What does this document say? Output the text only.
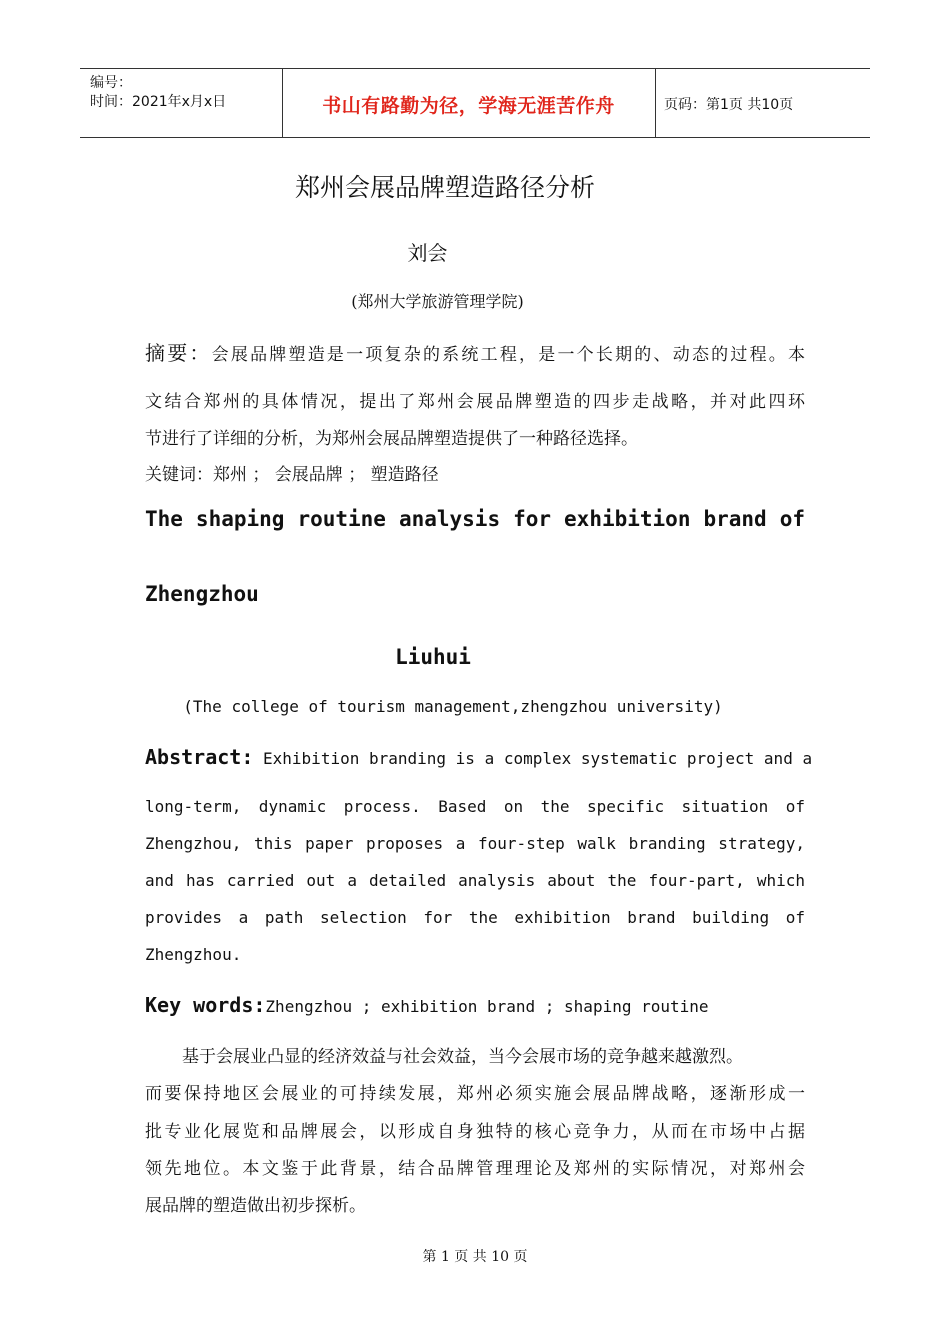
编号：
时间：2021年x月x日	书山有路勤为径，学海无涯苦作舟	页码：第1页 共10页
郑州会展品牌塑造路径分析
刘会
(郑州大学旅游管理学院)
摘要：会展品牌塑造是一项复杂的系统工程，是一个长期的、动态的过程。本
文结合郑州的具体情况，提出了郑州会展品牌塑造的四步走战略，并对此四环
节进行了详细的分析，为郑州会展品牌塑造提供了一种路径选择。
关键词：郑州 ； 会展品牌 ； 塑造路径
The shaping routine analysis for exhibition brand of
Zhengzhou
Liuhui
(The college of tourism management,zhengzhou university)
Abstract: Exhibition branding is a complex systematic project and a
long-term, dynamic process. Based on the specific situation of
Zhengzhou, this paper proposes a four-step walk branding strategy,
and has carried out a detailed analysis about the four-part, which
provides a path selection for the exhibition brand building of
Zhengzhou.
Key words:Zhengzhou ; exhibition brand ; shaping routine
基于会展业凸显的经济效益与社会效益，当今会展市场的竞争越来越激烈。
而要保持地区会展业的可持续发展，郑州必须实施会展品牌战略，逐渐形成一
批专业化展览和品牌展会，以形成自身独特的核心竞争力，从而在市场中占据
领先地位。本文鉴于此背景，结合品牌管理理论及郑州的实际情况，对郑州会
展品牌的塑造做出初步探析。
第 1 页 共 10 页
